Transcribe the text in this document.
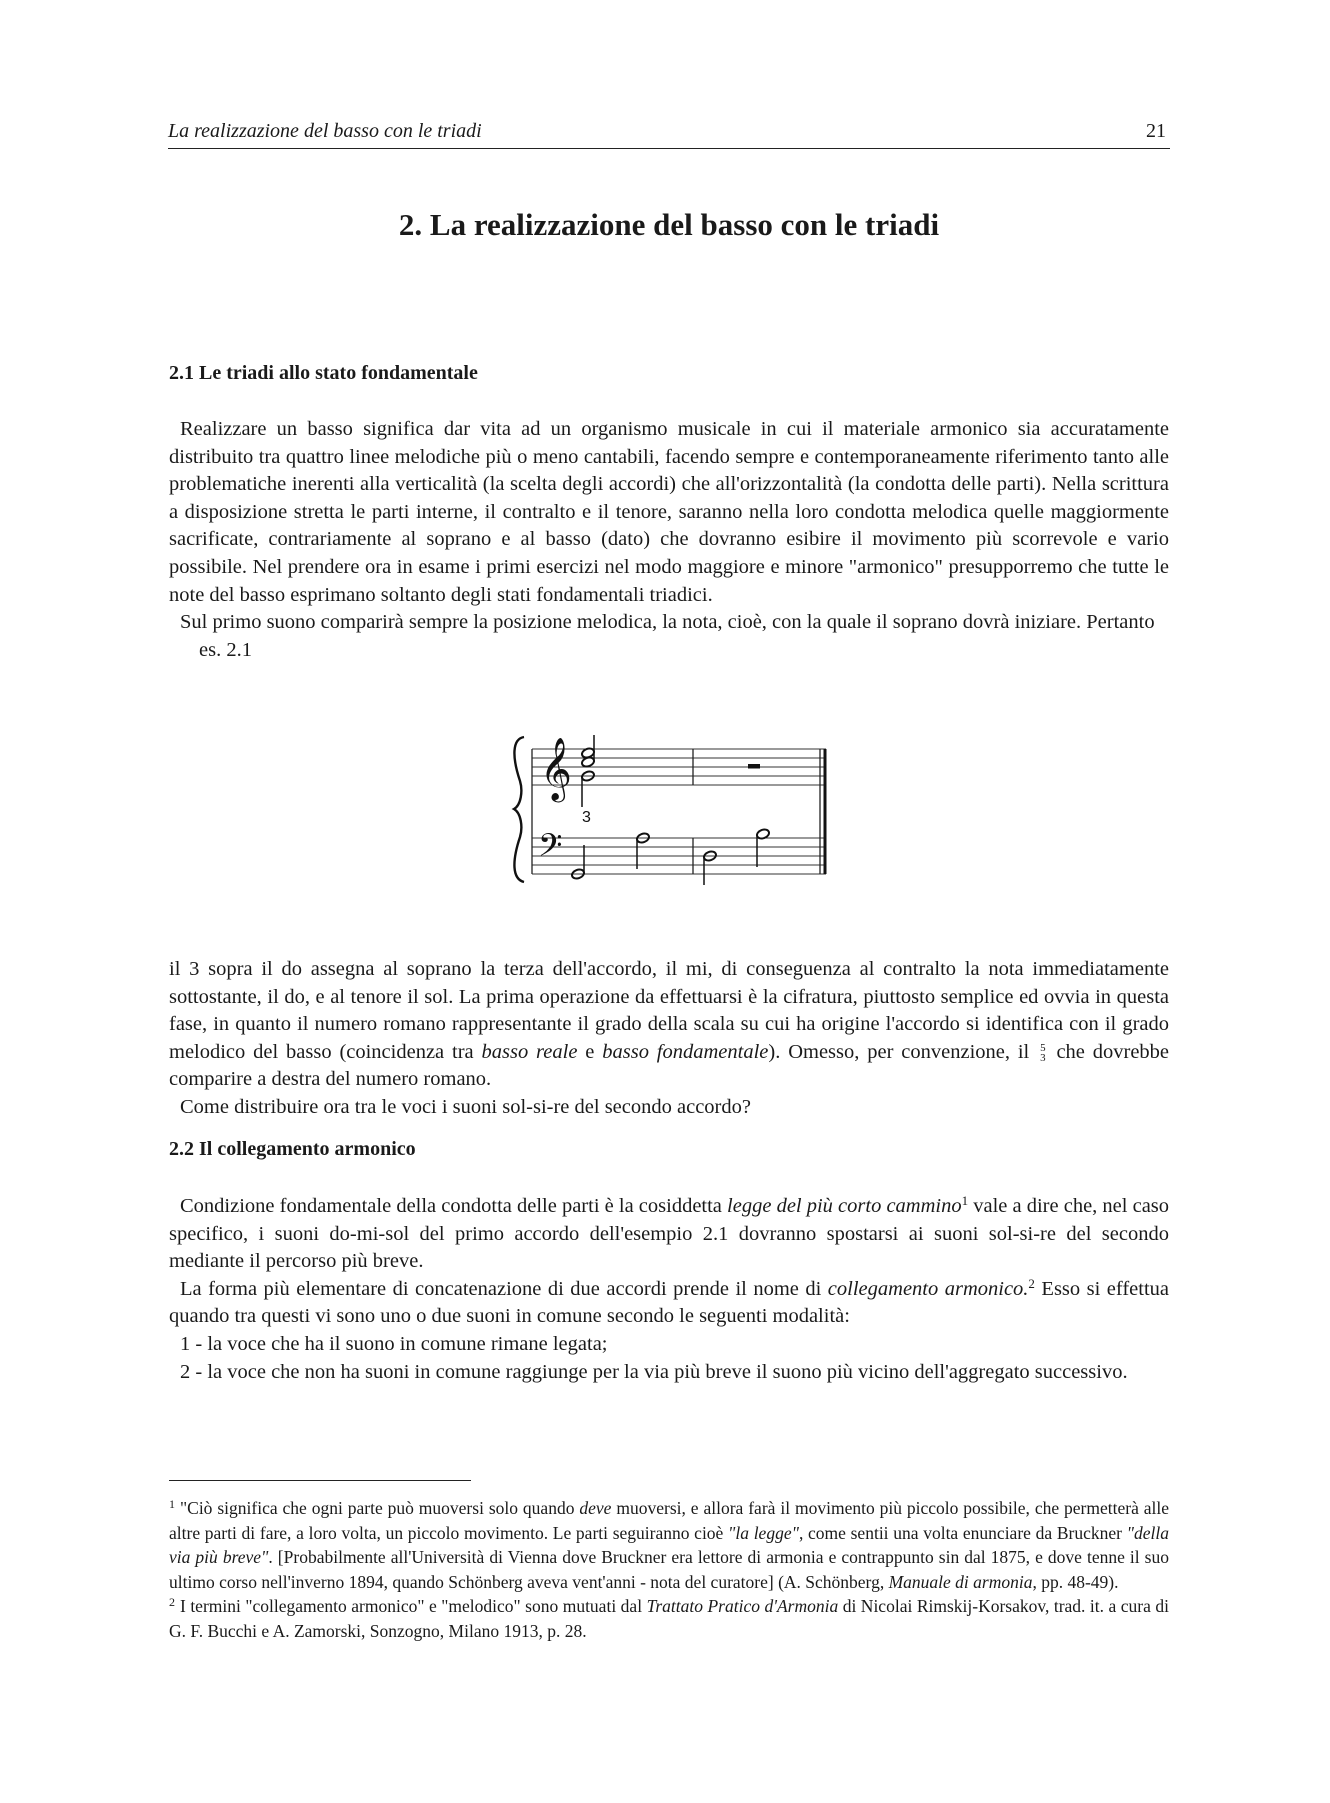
La realizzazione del basso con le triadi	21
2. La realizzazione del basso con le triadi
2.1 Le triadi allo stato fondamentale

Realizzare un basso significa dar vita ad un organismo musicale in cui il materiale armonico sia accuratamente distribuito tra quattro linee melodiche più o meno cantabili, facendo sempre e contemporaneamente riferimento tanto alle problematiche inerenti alla verticalità (la scelta degli accordi) che all'orizzontalità (la condotta delle parti). Nella scrittura a disposizione stretta le parti interne, il contralto e il tenore, saranno nella loro condotta melodica quelle maggiormente sacrificate, contrariamente al soprano e al basso (dato) che dovranno esibire il movimento più scorrevole e vario possibile. Nel prendere ora in esame i primi esercizi nel modo maggiore e minore "armonico" presupporremo che tutte le note del basso esprimano soltanto degli stati fondamentali triadici.

Sul primo suono comparirà sempre la posizione melodica, la nota, cioè, con la quale il soprano dovrà iniziare. Pertanto

es. 2.1

𝄞
3
𝄢

il 3 sopra il do assegna al soprano la terza dell'accordo, il mi, di conseguenza al contralto la nota immediatamente sottostante, il do, e al tenore il sol. La prima operazione da effettuarsi è la cifratura, piuttosto semplice ed ovvia in questa fase, in quanto il numero romano rappresentante il grado della scala su cui ha origine l'accordo si identifica con il grado melodico del basso (coincidenza tra basso reale e basso fondamentale). Omesso, per convenzione, il 5
3 che dovrebbe comparire a destra del numero romano.

Come distribuire ora tra le voci i suoni sol-si-re del secondo accordo?

2.2 Il collegamento armonico

Condizione fondamentale della condotta delle parti è la cosiddetta legge del più corto cammino$^1$ vale a dire che, nel caso specifico, i suoni do-mi-sol del primo accordo dell'esempio 2.1 dovranno spostarsi ai suoni sol-si-re del secondo mediante il percorso più breve.

La forma più elementare di concatenazione di due accordi prende il nome di collegamento armonico.$^2$ Esso si effettua quando tra questi vi sono uno o due suoni in comune secondo le seguenti modalità:

1 - la voce che ha il suono in comune rimane legata;

2 - la voce che non ha suoni in comune raggiunge per la via più breve il suono più vicino dell'aggregato successivo.

$^1$ "Ciò significa che ogni parte può muoversi solo quando deve muoversi, e allora farà il movimento più piccolo possibile, che permetterà alle altre parti di fare, a loro volta, un piccolo movimento. Le parti seguiranno cioè "la legge", come sentii una volta enunciare da Bruckner "della via più breve". [Probabilmente all'Università di Vienna dove Bruckner era lettore di armonia e contrappunto sin dal 1875, e dove tenne il suo ultimo corso nell'inverno 1894, quando Schönberg aveva vent'anni - nota del curatore] (A. Schönberg, Manuale di armonia, pp. 48-49).

$^2$ I termini "collegamento armonico" e "melodico" sono mutuati dal Trattato Pratico d'Armonia di Nicolai Rimskij-Korsakov, trad. it. a cura di G. F. Bucchi e A. Zamorski, Sonzogno, Milano 1913, p. 28.
